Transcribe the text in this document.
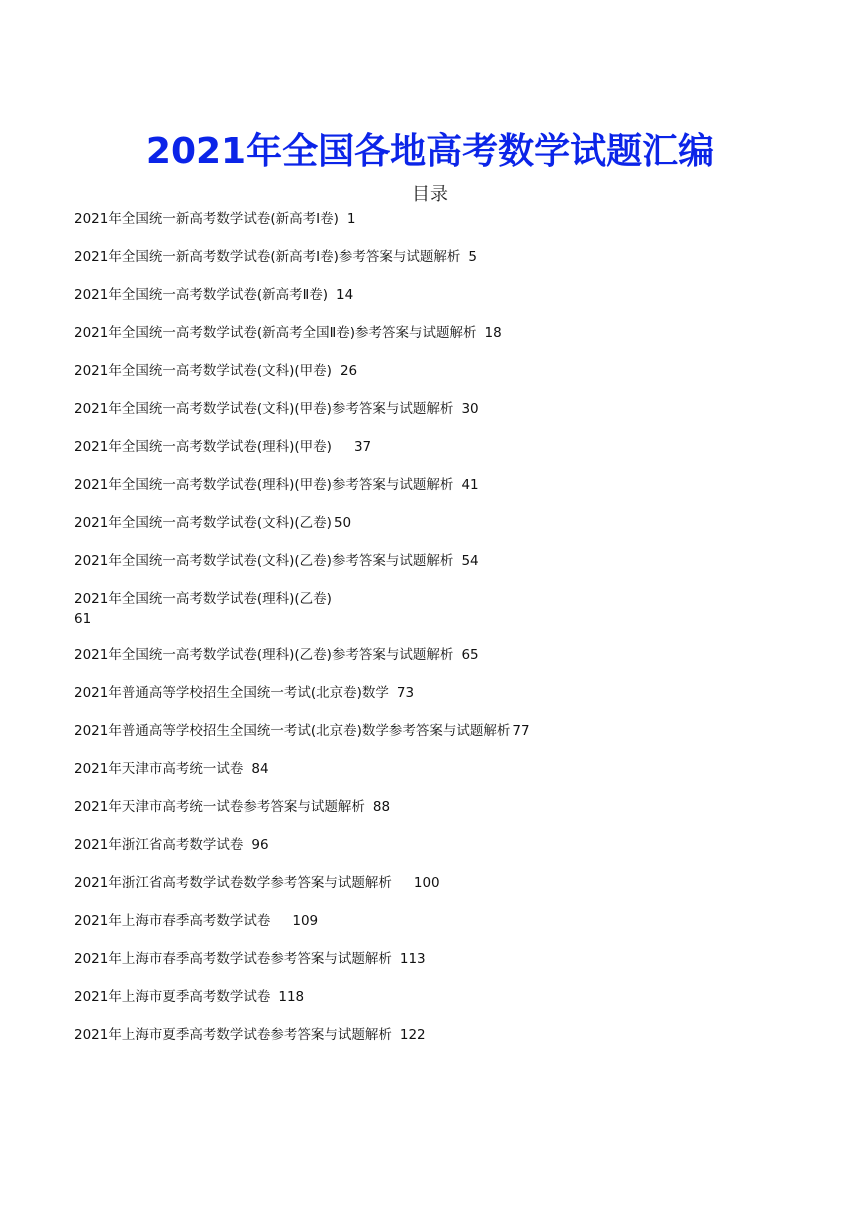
2021年全国各地高考数学试题汇编
目录
2021年全国统一新高考数学试卷(新高考Ⅰ卷) 1
2021年全国统一新高考数学试卷(新高考Ⅰ卷)参考答案与试题解析 5
2021年全国统一高考数学试卷(新高考Ⅱ卷) 14
2021年全国统一高考数学试卷(新高考全国Ⅱ卷)参考答案与试题解析 18
2021年全国统一高考数学试卷(文科)(甲卷) 26
2021年全国统一高考数学试卷(文科)(甲卷)参考答案与试题解析 30
2021年全国统一高考数学试卷(理科)(甲卷) 37
2021年全国统一高考数学试卷(理科)(甲卷)参考答案与试题解析 41
2021年全国统一高考数学试卷(文科)(乙卷) 50
2021年全国统一高考数学试卷(文科)(乙卷)参考答案与试题解析 54
2021年全国统一高考数学试卷(理科)(乙卷)
61
2021年全国统一高考数学试卷(理科)(乙卷)参考答案与试题解析 65
2021年普通高等学校招生全国统一考试(北京卷)数学 73
2021年普通高等学校招生全国统一考试(北京卷)数学参考答案与试题解析 77
2021年天津市高考统一试卷 84
2021年天津市高考统一试卷参考答案与试题解析 88
2021年浙江省高考数学试卷 96
2021年浙江省高考数学试卷数学参考答案与试题解析 100
2021年上海市春季高考数学试卷 109
2021年上海市春季高考数学试卷参考答案与试题解析 113
2021年上海市夏季高考数学试卷 118
2021年上海市夏季高考数学试卷参考答案与试题解析 122
